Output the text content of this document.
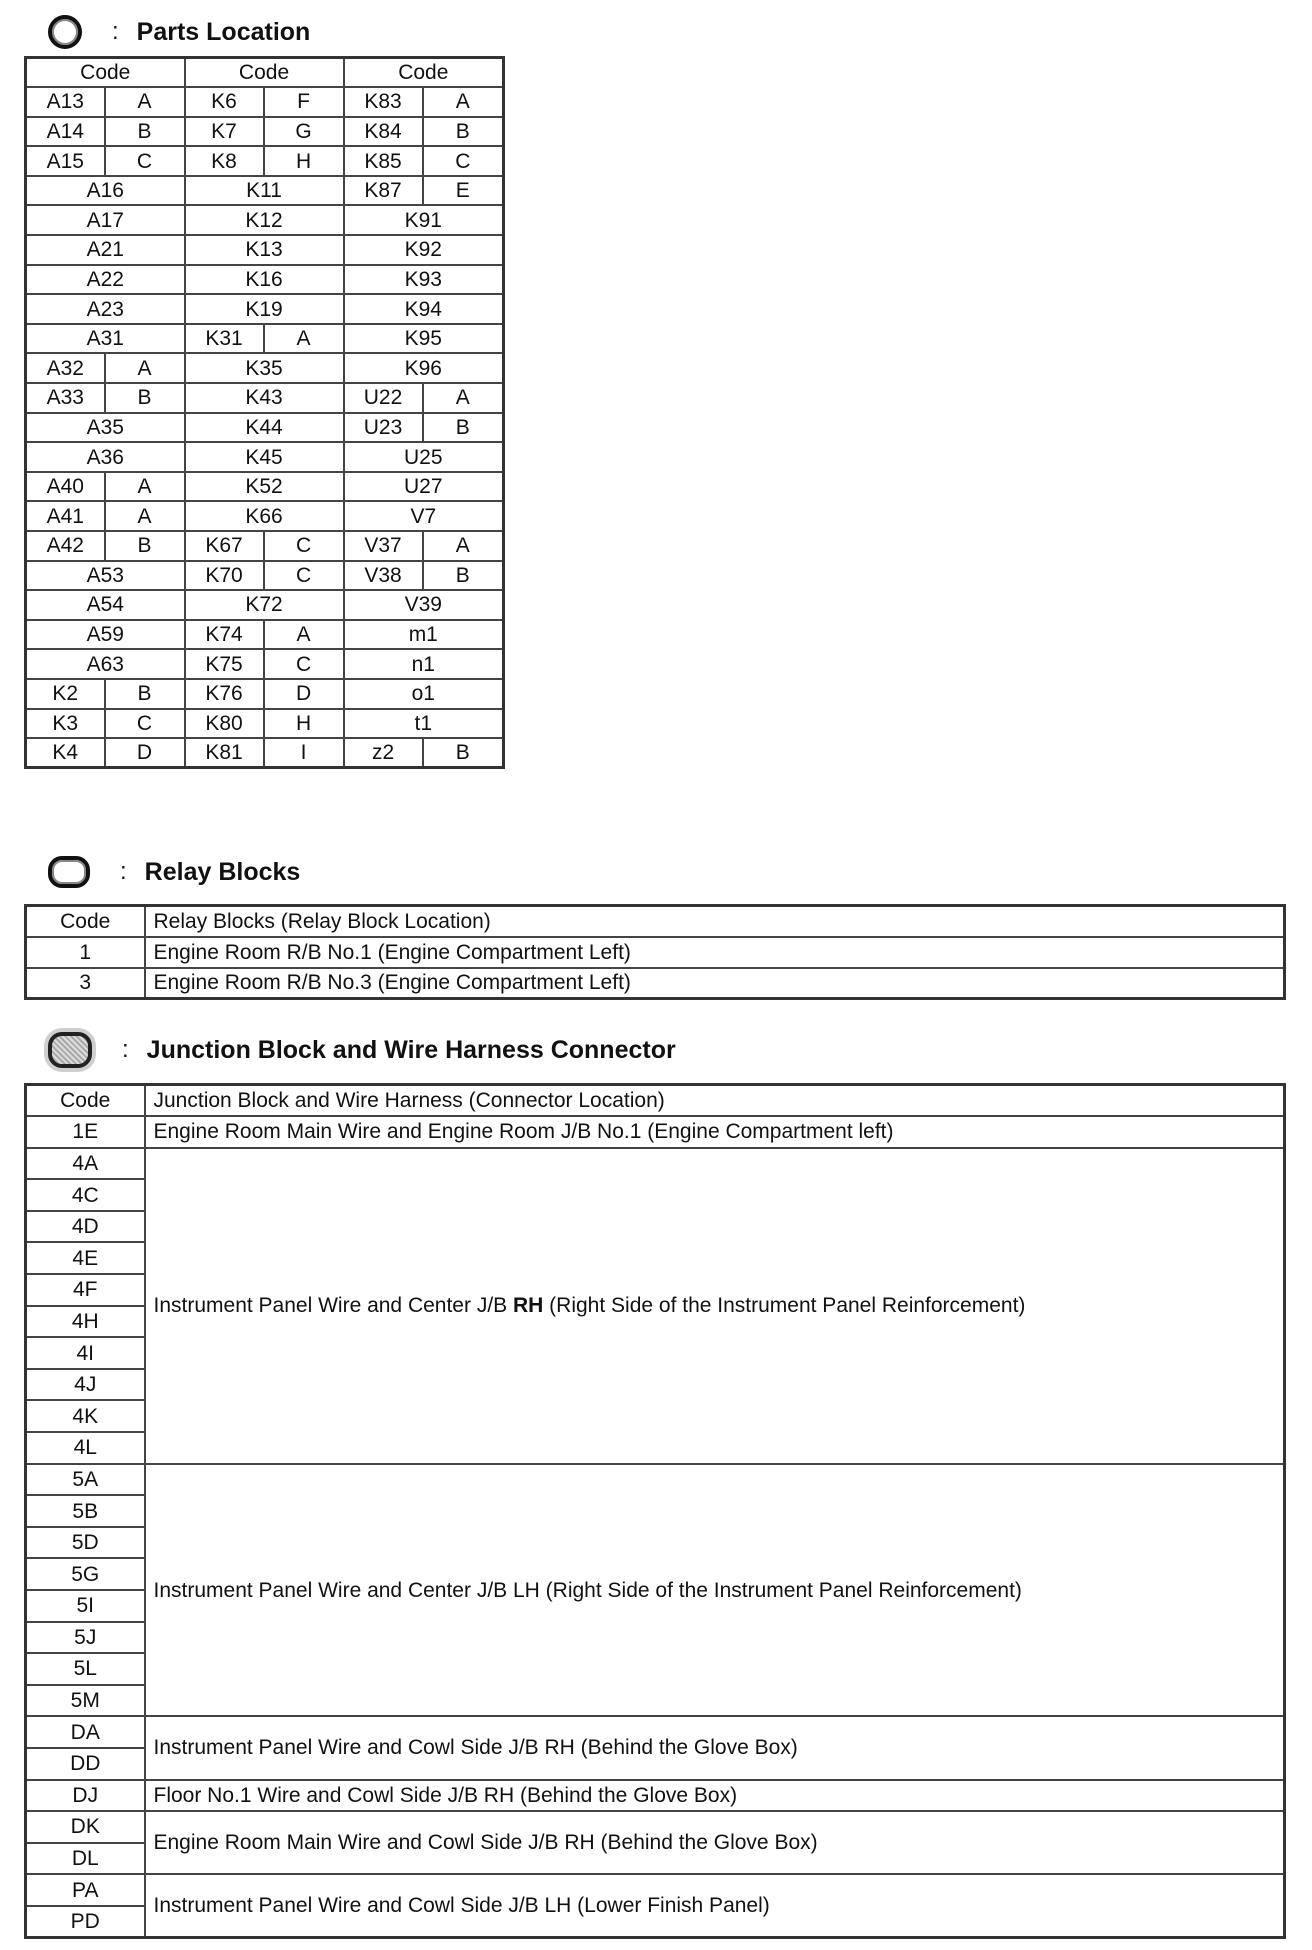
: Parts Location
Code		Code		Code	
A13	A	K6	F	K83	A
A14	B	K7	G	K84	B
A15	C	K8	H	K85	C
A16		K11		K87	E
A17		K12		K91	
A21		K13		K92	
A22		K16		K93	
A23		K19		K94	
A31		K31	A	K95	
A32	A	K35		K96	
A33	B	K43		U22	A
A35		K44		U23	B
A36		K45		U25	
A40	A	K52		U27	
A41	A	K66		V7	
A42	B	K67	C	V37	A
A53		K70	C	V38	B
A54		K72		V39	
A59		K74	A	m1	
A63		K75	C	n1	
K2	B	K76	D	o1	
K3	C	K80	H	t1	
K4	D	K81	I	z2	B
: Relay Blocks
Code	Relay Blocks (Relay Block Location)
1	Engine Room R/B No.1 (Engine Compartment Left)
3	Engine Room R/B No.3 (Engine Compartment Left)
: Junction Block and Wire Harness Connector
Code	Junction Block and Wire Harness (Connector Location)
1E	Engine Room Main Wire and Engine Room J/B No.1 (Engine Compartment left)
4A	Instrument Panel Wire and Center J/B RH (Right Side of the Instrument Panel Reinforcement)
4C	
4D	
4E	
4F	
4H	
4I	
4J	
4K	
4L	
5A	Instrument Panel Wire and Center J/B LH (Right Side of the Instrument Panel Reinforcement)
5B	
5D	
5G	
5I	
5J	
5L	
5M	
DA	Instrument Panel Wire and Cowl Side J/B RH (Behind the Glove Box)
DD	
DJ	Floor No.1 Wire and Cowl Side J/B RH (Behind the Glove Box)
DK	Engine Room Main Wire and Cowl Side J/B RH (Behind the Glove Box)
DL	
PA	Instrument Panel Wire and Cowl Side J/B LH (Lower Finish Panel)
PD	
